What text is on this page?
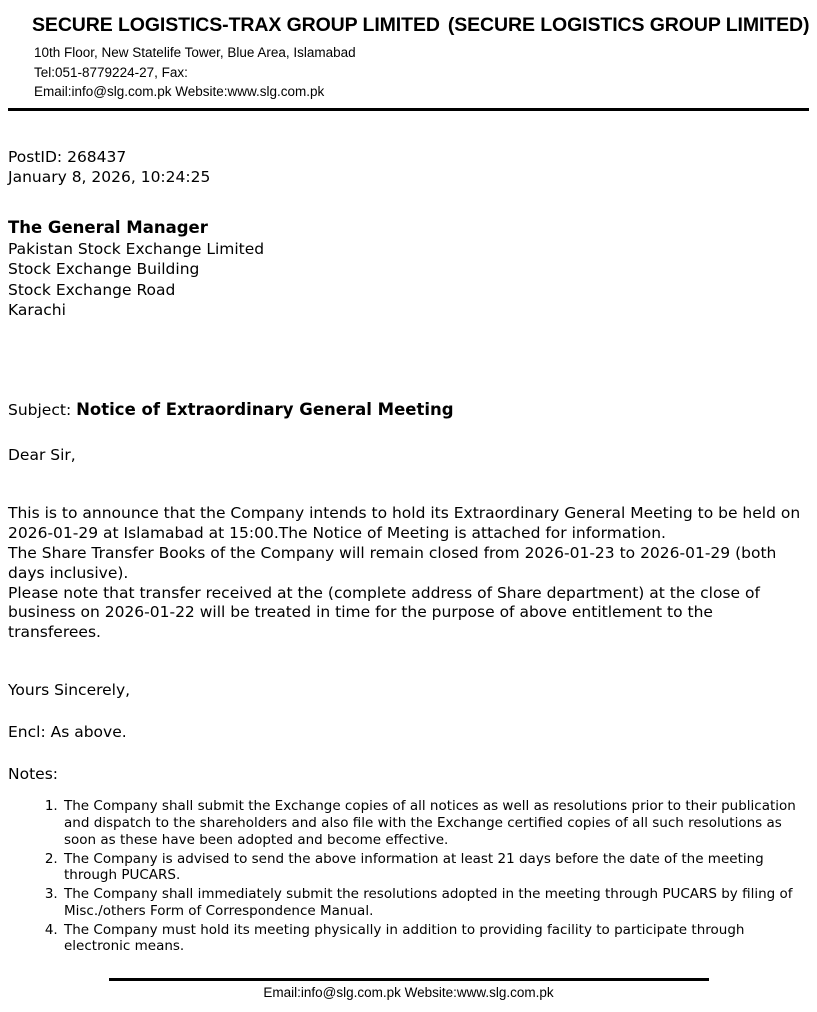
SECURE LOGISTICS-TRAX GROUP LIMITED (SECURE LOGISTICS GROUP LIMITED)
10th Floor, New Statelife Tower, Blue Area, Islamabad
Tel:051-8779224-27, Fax:
Email:info@slg.com.pk Website:www.slg.com.pk
PostID: 268437
January 8, 2026, 10:24:25
The General Manager
Pakistan Stock Exchange Limited
Stock Exchange Building
Stock Exchange Road
Karachi
Subject: Notice of Extraordinary General Meeting
Dear Sir,

This is to announce that the Company intends to hold its Extraordinary General Meeting to be held on 2026-01-29 at Islamabad at 15:00.The Notice of Meeting is attached for information.

The Share Transfer Books of the Company will remain closed from 2026-01-23 to 2026-01-29 (both days inclusive).

Please note that transfer received at the (complete address of Share department) at the close of business on 2026-01-22 will be treated in time for the purpose of above entitlement to the transferees.

Yours Sincerely,
Encl: As above.
Notes:
1. The Company shall submit the Exchange copies of all notices as well as resolutions prior to their publication and dispatch to the shareholders and also file with the Exchange certified copies of all such resolutions as soon as these have been adopted and become effective.
2. The Company is advised to send the above information at least 21 days before the date of the meeting through PUCARS.
3. The Company shall immediately submit the resolutions adopted in the meeting through PUCARS by filing of Misc./others Form of Correspondence Manual.
4. The Company must hold its meeting physically in addition to providing facility to participate through electronic means.
Email:info@slg.com.pk Website:www.slg.com.pk
